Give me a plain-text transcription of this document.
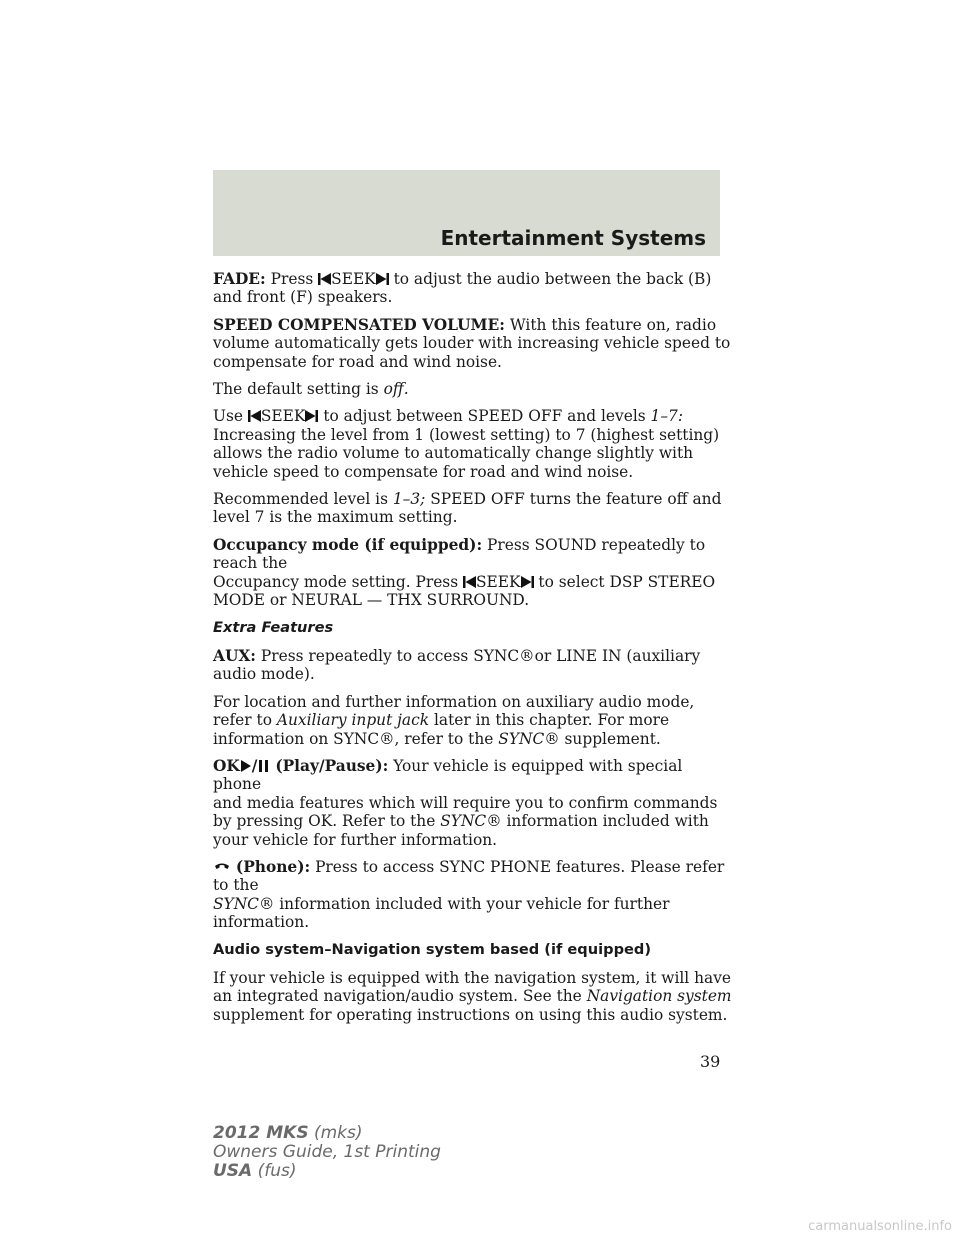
Entertainment Systems

FADE: Press SEEK to adjust the audio between the back (B)
and front (F) speakers.

SPEED COMPENSATED VOLUME: With this feature on, radio volume automatically gets louder with increasing vehicle speed to compensate for road and wind noise.

The default setting is off.

Use SEEK to adjust between SPEED OFF and levels 1–7:
Increasing the level from 1 (lowest setting) to 7 (highest setting) allows the radio volume to automatically change slightly with vehicle speed to compensate for road and wind noise.

Recommended level is 1–3; SPEED OFF turns the feature off and level 7 is the maximum setting.

Occupancy mode (if equipped): Press SOUND repeatedly to reach the
Occupancy mode setting. Press SEEK to select DSP STEREO
MODE or NEURAL — THX SURROUND.

Extra Features

AUX: Press repeatedly to access SYNC®or LINE IN (auxiliary audio mode).

For location and further information on auxiliary audio mode, refer to Auxiliary input jack later in this chapter. For more information on SYNC®, refer to the SYNC® supplement.

OK / (Play/Pause): Your vehicle is equipped with special phone
and media features which will require you to confirm commands by pressing OK. Refer to the SYNC® information included with your vehicle for further information.

(Phone): Press to access SYNC PHONE features. Please refer to the
SYNC® information included with your vehicle for further information.

Audio system–Navigation system based (if equipped)

If your vehicle is equipped with the navigation system, it will have an integrated navigation/audio system. See the Navigation system supplement for operating instructions on using this audio system.

39
2012 MKS (mks)
Owners Guide, 1st Printing
USA (fus)
carmanualsonline.info
